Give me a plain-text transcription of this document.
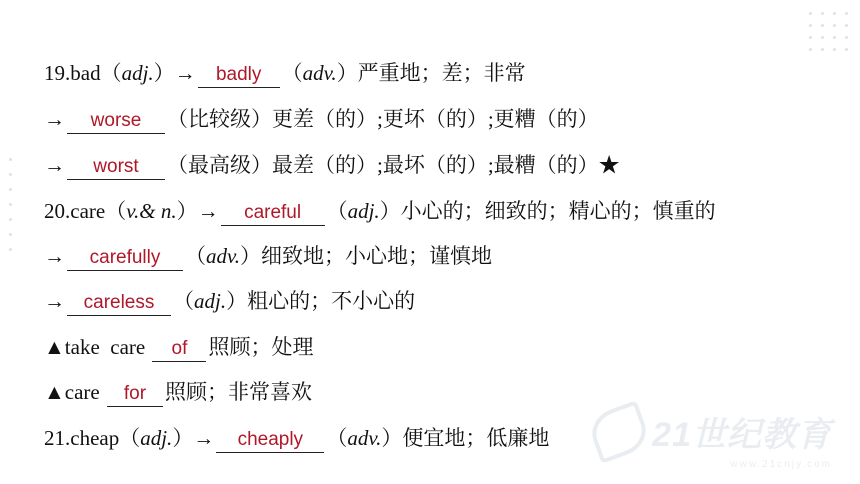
19.bad（ adj. ）→	badly （ adv. ）严重地；差；非常
→	worse	（比较级）更差（的）;更坏（的）;更糟（的）
→	worst	（最高级）最差（的）;最坏（的）;最糟（的）★
20.care（ v.& n. ）→	careful	（ adj. ）小心的；细致的；精心的；慎重的
→	carefully	（ adv. ）细致地；小心地；谨慎地
→ careless （ adj. ）粗心的；不小心的
▲take  care	of	照顾；处理
▲care for 照顾；非常喜欢
21.cheap（ adj. ）→	cheaply	（ adv. ）便宜地；低廉地	21世纪教育
www.21cnjy.com
